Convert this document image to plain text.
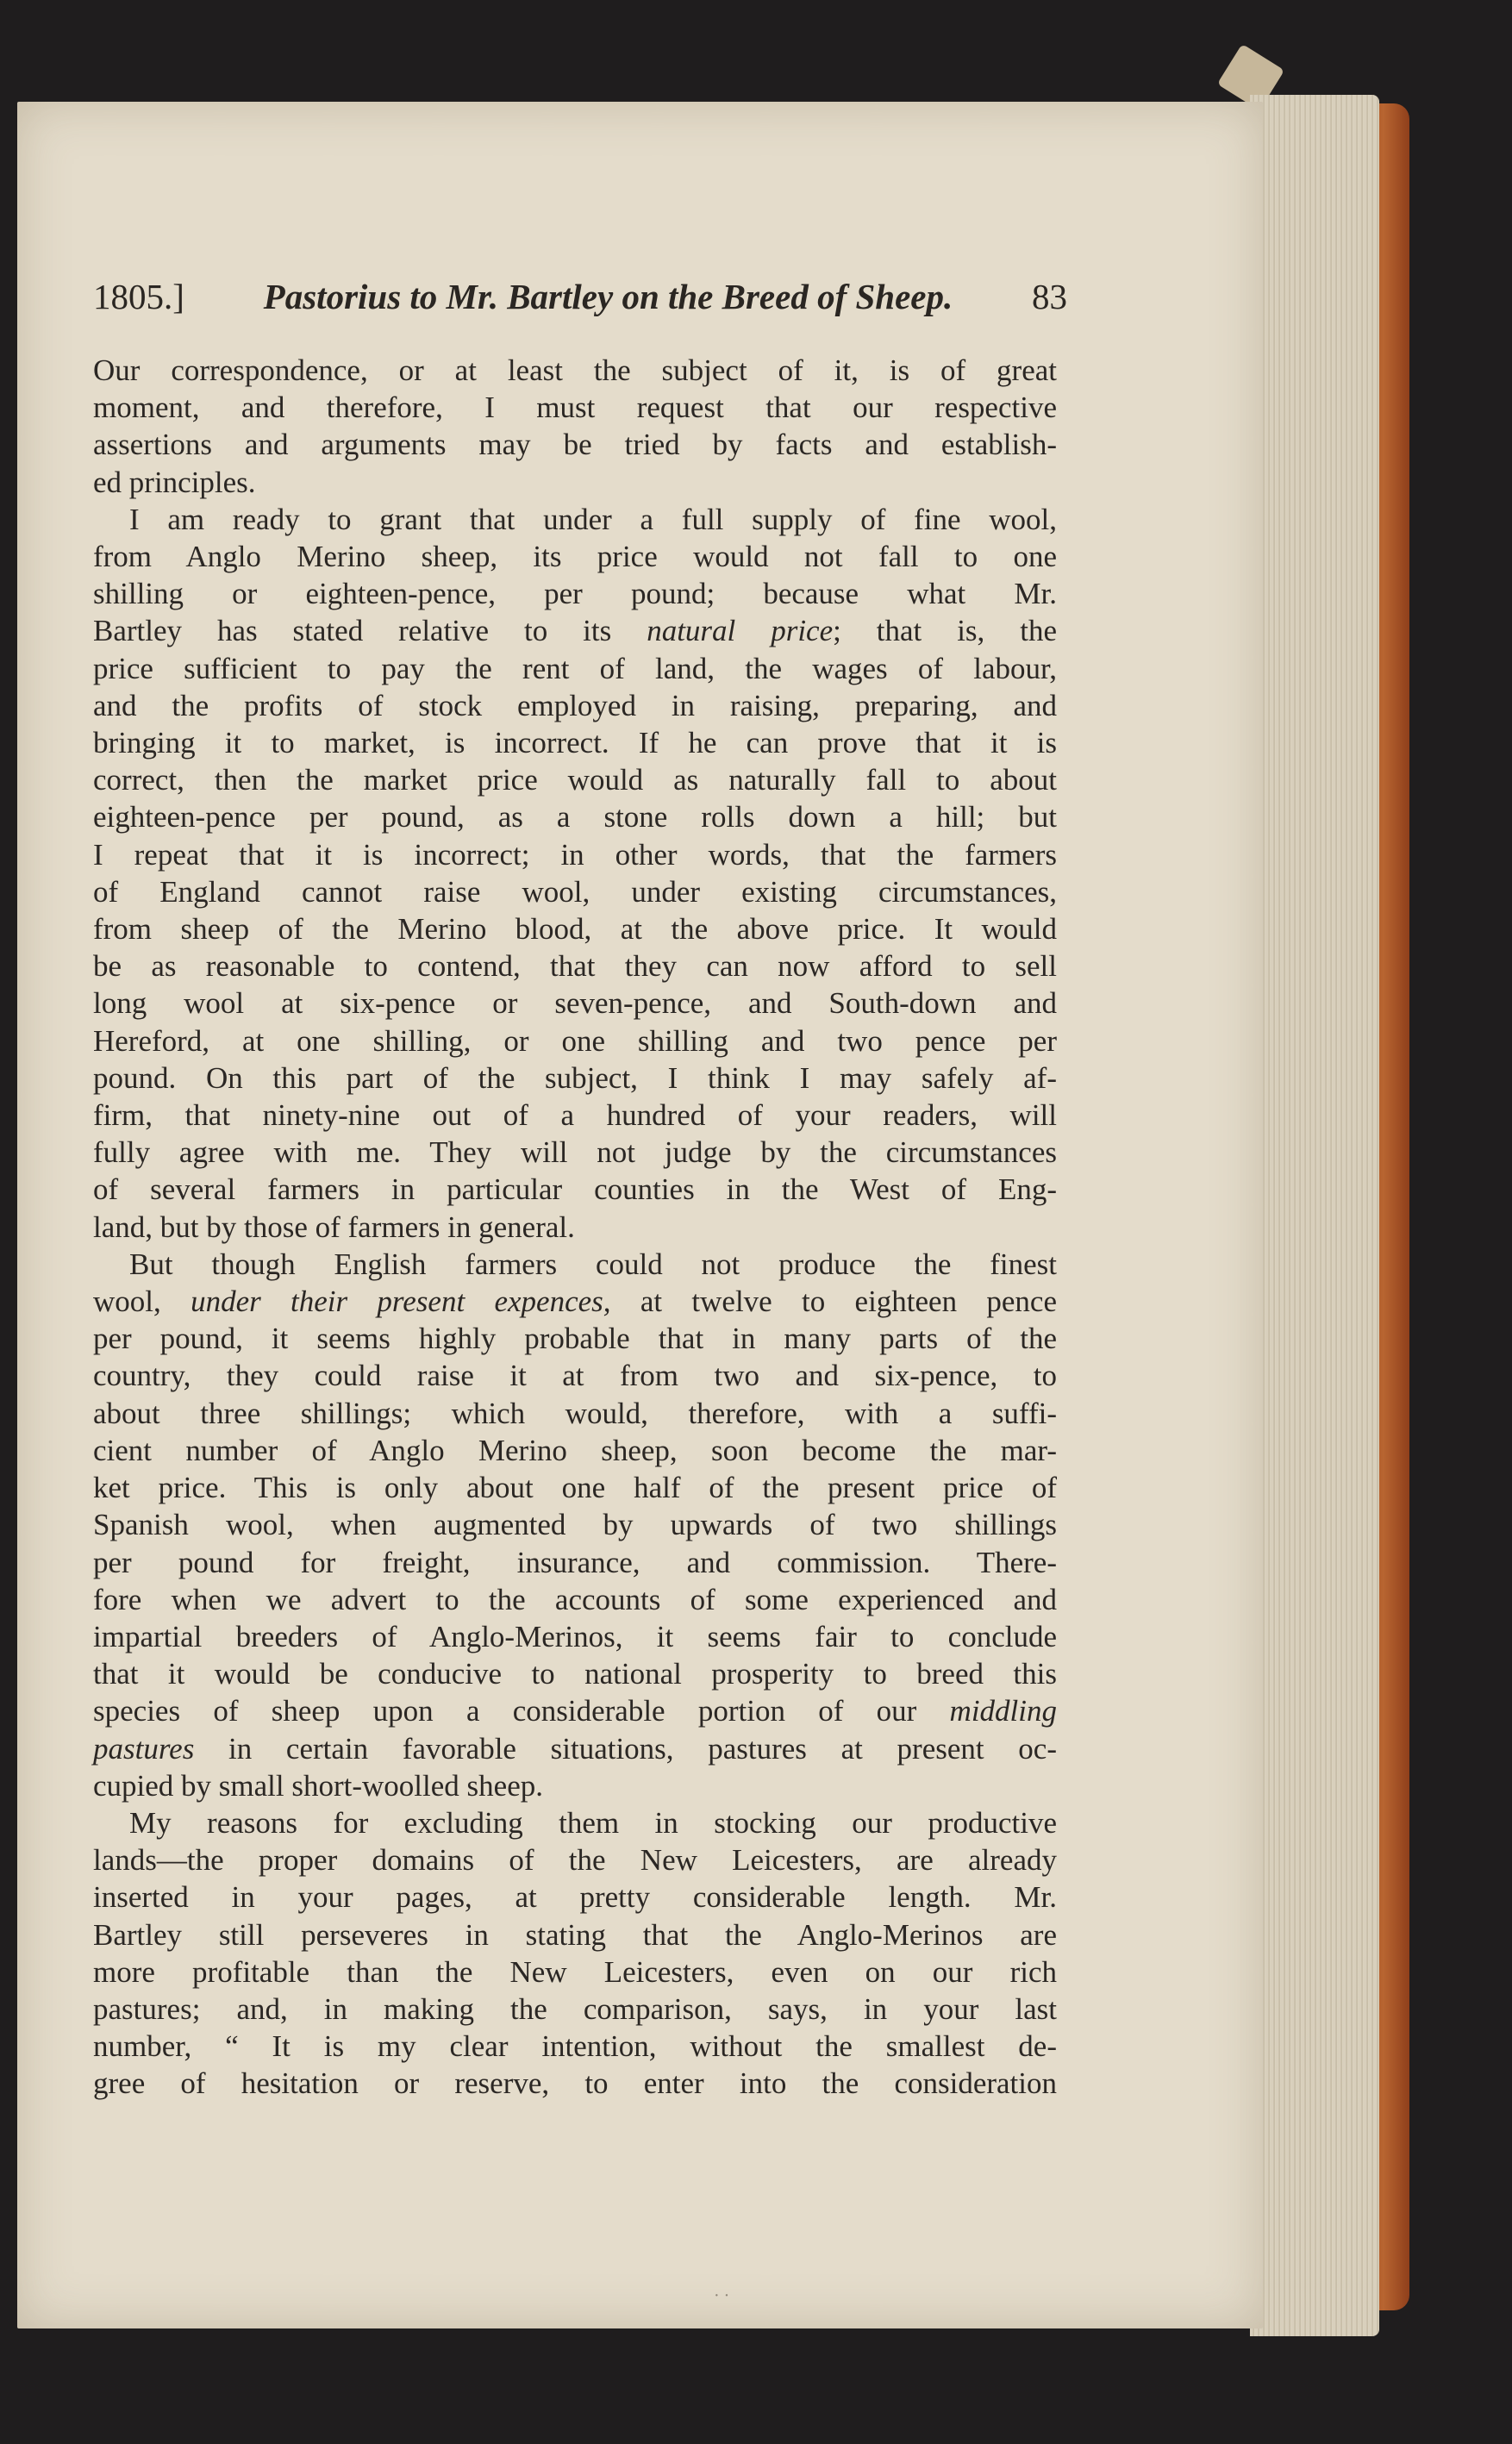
1805.] Pastorius to Mr. Bartley on the Breed of Sheep. 83
Our correspondence, or at least the subject of it, is of great
moment, and therefore, I must request that our respective
assertions and arguments may be tried by facts and establish-
ed principles.
I am ready to grant that under a full supply of fine wool,
from Anglo Merino sheep, its price would not fall to one
shilling or eighteen-pence, per pound; because what Mr.
Bartley has stated relative to its natural price; that is, the
price sufficient to pay the rent of land, the wages of labour,
and the profits of stock employed in raising, preparing, and
bringing it to market, is incorrect. If he can prove that it is
correct, then the market price would as naturally fall to about
eighteen-pence per pound, as a stone rolls down a hill; but
I repeat that it is incorrect; in other words, that the farmers
of England cannot raise wool, under existing circumstances,
from sheep of the Merino blood, at the above price. It would
be as reasonable to contend, that they can now afford to sell
long wool at six-pence or seven-pence, and South-down and
Hereford, at one shilling, or one shilling and two pence per
pound. On this part of the subject, I think I may safely af-
firm, that ninety-nine out of a hundred of your readers, will
fully agree with me. They will not judge by the circumstances
of several farmers in particular counties in the West of Eng-
land, but by those of farmers in general.
But though English farmers could not produce the finest
wool, under their present expences, at twelve to eighteen pence
per pound, it seems highly probable that in many parts of the
country, they could raise it at from two and six-pence, to
about three shillings; which would, therefore, with a suffi-
cient number of Anglo Merino sheep, soon become the mar-
ket price. This is only about one half of the present price of
Spanish wool, when augmented by upwards of two shillings
per pound for freight, insurance, and commission. There-
fore when we advert to the accounts of some experienced and
impartial breeders of Anglo-Merinos, it seems fair to conclude
that it would be conducive to national prosperity to breed this
species of sheep upon a considerable portion of our middling
pastures in certain favorable situations, pastures at present oc-
cupied by small short-woolled sheep.
My reasons for excluding them in stocking our productive
lands—the proper domains of the New Leicesters, are already
inserted in your pages, at pretty considerable length. Mr.
Bartley still perseveres in stating that the Anglo-Merinos are
more profitable than the New Leicesters, even on our rich
pastures; and, in making the comparison, says, in your last
number, “ It is my clear intention, without the smallest de-
gree of hesitation or reserve, to enter into the consideration
